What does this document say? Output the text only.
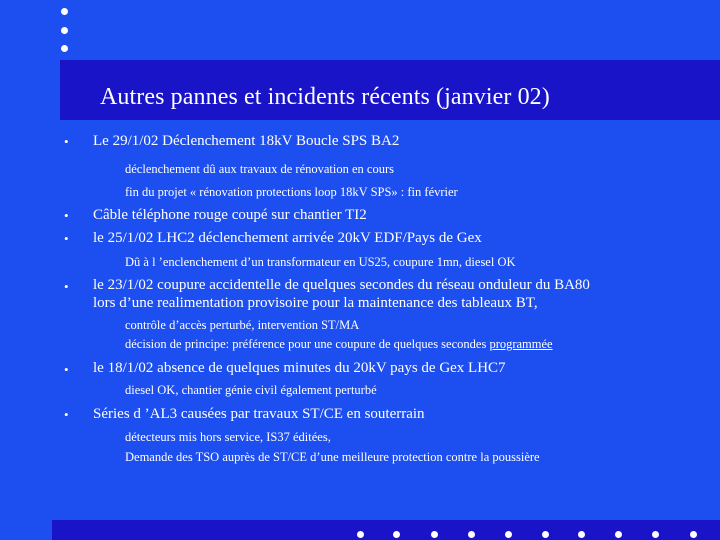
Autres pannes et incidents récents (janvier 02)
• Le 29/1/02 Déclenchement 18kV Boucle SPS BA2
déclenchement dû aux travaux de rénovation en cours
fin du projet « rénovation protections loop 18kV SPS» : fin février
• Câble téléphone rouge coupé sur chantier TI2
• le 25/1/02 LHC2 déclenchement arrivée 20kV EDF/Pays de Gex
Dû à l ’enclenchement d’un transformateur en US25, coupure 1mn, diesel OK
• le 23/1/02 coupure accidentelle de quelques secondes du réseau onduleur du BA80
lors d’une realimentation provisoire pour la maintenance des tableaux BT,
contrôle d’accès perturbé, intervention ST/MA
décision de principe: préférence pour une coupure de quelques secondes programmée
• le 18/1/02 absence de quelques minutes du 20kV pays de Gex LHC7
diesel OK, chantier génie civil également perturbé
• Séries d ’AL3 causées par travaux ST/CE en souterrain
détecteurs mis hors service, IS37 éditées,
Demande des TSO auprès de ST/CE d’une meilleure protection contre la poussière
